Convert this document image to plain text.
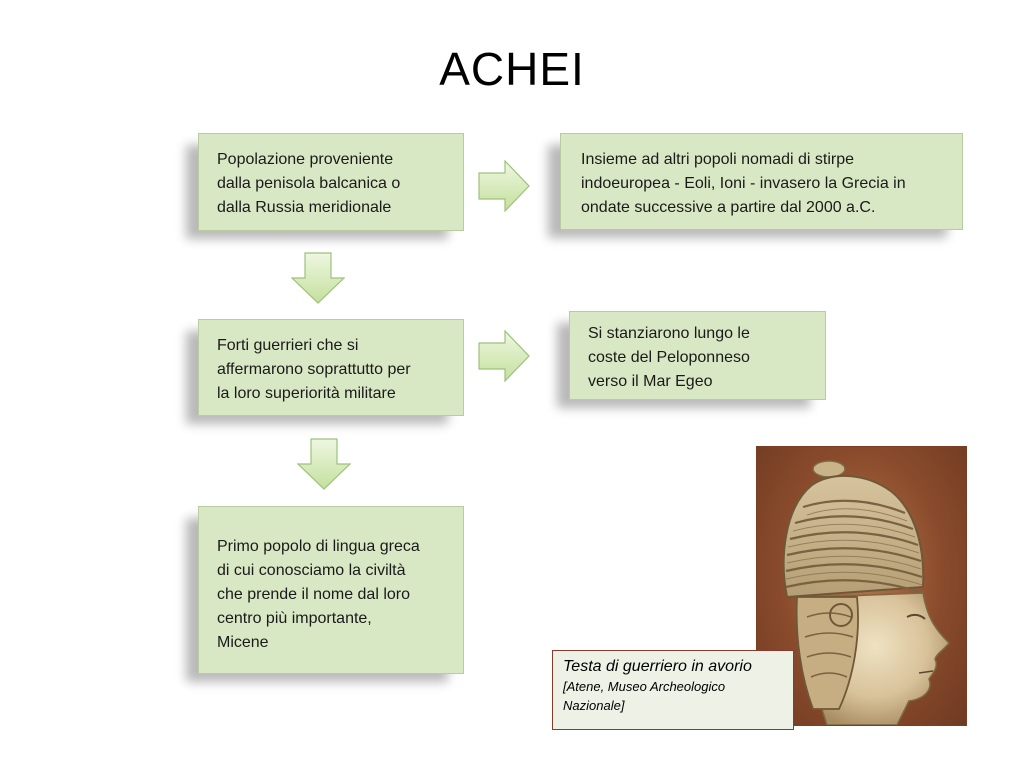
ACHEI
Popolazione proveniente
dalla penisola balcanica o
dalla Russia meridionale
Insieme ad altri popoli nomadi di stirpe
indoeuropea - Eoli, Ioni - invasero la Grecia in
ondate successive a partire dal 2000 a.C.
Forti guerrieri che si
affermarono soprattutto per
la loro superiorità militare
Si stanziarono lungo le
coste del Peloponneso
verso il Mar Egeo
Primo popolo di lingua greca
di cui conosciamo la civiltà
che prende il nome dal loro
centro più importante,
Micene
Testa di guerriero in avorio
[Atene, Museo Archeologico
Nazionale]
